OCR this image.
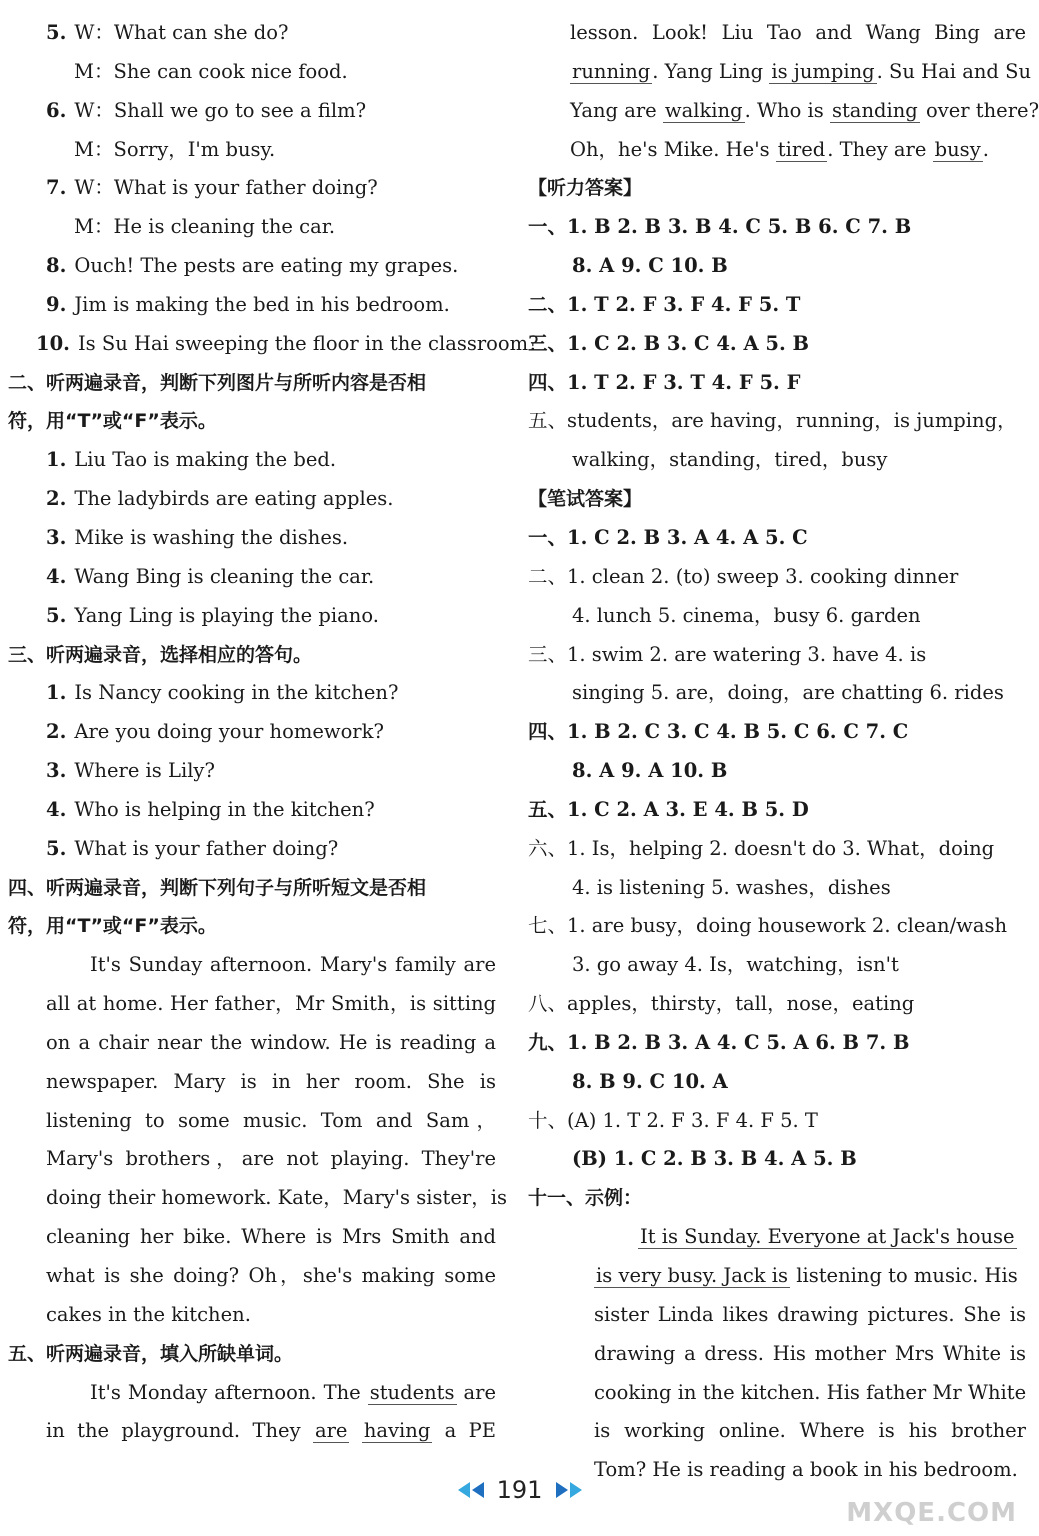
5. W：What can she do?
M：She can cook nice food.
6. W：Shall we go to see a film?
M：Sorry，I'm busy.
7. W：What is your father doing?
M：He is cleaning the car.
8. Ouch! The pests are eating my grapes.
9. Jim is making the bed in his bedroom.
10. Is Su Hai sweeping the floor in the classroom?
二、听两遍录音，判断下列图片与所听内容是否相
符，用“T”或“F”表示。
1. Liu Tao is making the bed.
2. The ladybirds are eating apples.
3. Mike is washing the dishes.
4. Wang Bing is cleaning the car.
5. Yang Ling is playing the piano.
三、听两遍录音，选择相应的答句。
1. Is Nancy cooking in the kitchen?
2. Are you doing your homework?
3. Where is Lily?
4. Who is helping in the kitchen?
5. What is your father doing?
四、听两遍录音，判断下列句子与所听短文是否相
符，用“T”或“F”表示。
It's Sunday afternoon. Mary's family are
all at home. Her father，Mr Smith，is sitting
on a chair near the window. He is reading a
newspaper. Mary is in her room. She is
listening to some music. Tom and Sam，
Mary's brothers，are not playing. They're
doing their homework. Kate，Mary's sister，is
cleaning her bike. Where is Mrs Smith and
what is she doing? Oh，she's making some
cakes in the kitchen.
五、听两遍录音，填入所缺单词。
It's Monday afternoon. The students are
in the playground. They are having a PE
lesson. Look! Liu Tao and Wang Bing are
running . Yang Ling is jumping . Su Hai and Su
Yang are walking . Who is standing over there?
Oh，he's Mike. He's tired . They are busy .
【听力答案】
一、1. B 2. B 3. B 4. C 5. B 6. C 7. B
8. A 9. C 10. B
二、1. T 2. F 3. F 4. F 5. T
三、1. C 2. B 3. C 4. A 5. B
四、1. T 2. F 3. T 4. F 5. F
五、students，are having，running，is jumping，
walking，standing，tired，busy
【笔试答案】
一、1. C 2. B 3. A 4. A 5. C
二、1. clean 2. (to) sweep 3. cooking dinner
4. lunch 5. cinema，busy 6. garden
三、1. swim 2. are watering 3. have 4. is
singing 5. are，doing，are chatting 6. rides
四、1. B 2. C 3. C 4. B 5. C 6. C 7. C
8. A 9. A 10. B
五、1. C 2. A 3. E 4. B 5. D
六、1. Is，helping 2. doesn't do 3. What，doing
4. is listening 5. washes，dishes
七、1. are busy，doing housework 2. clean/wash
3. go away 4. Is，watching，isn't
八、apples，thirsty，tall，nose，eating
九、1. B 2. B 3. A 4. C 5. A 6. B 7. B
8. B 9. C 10. A
十、(A) 1. T 2. F 3. F 4. F 5. T
(B) 1. C 2. B 3. B 4. A 5. B
十一、示例：
It is Sunday. Everyone at Jack's house
is very busy. Jack is listening to music. His
sister Linda likes drawing pictures. She is
drawing a dress. His mother Mrs White is
cooking in the kitchen. His father Mr White
is working online. Where is his brother
Tom? He is reading a book in his bedroom.
191
MXQE.COM
